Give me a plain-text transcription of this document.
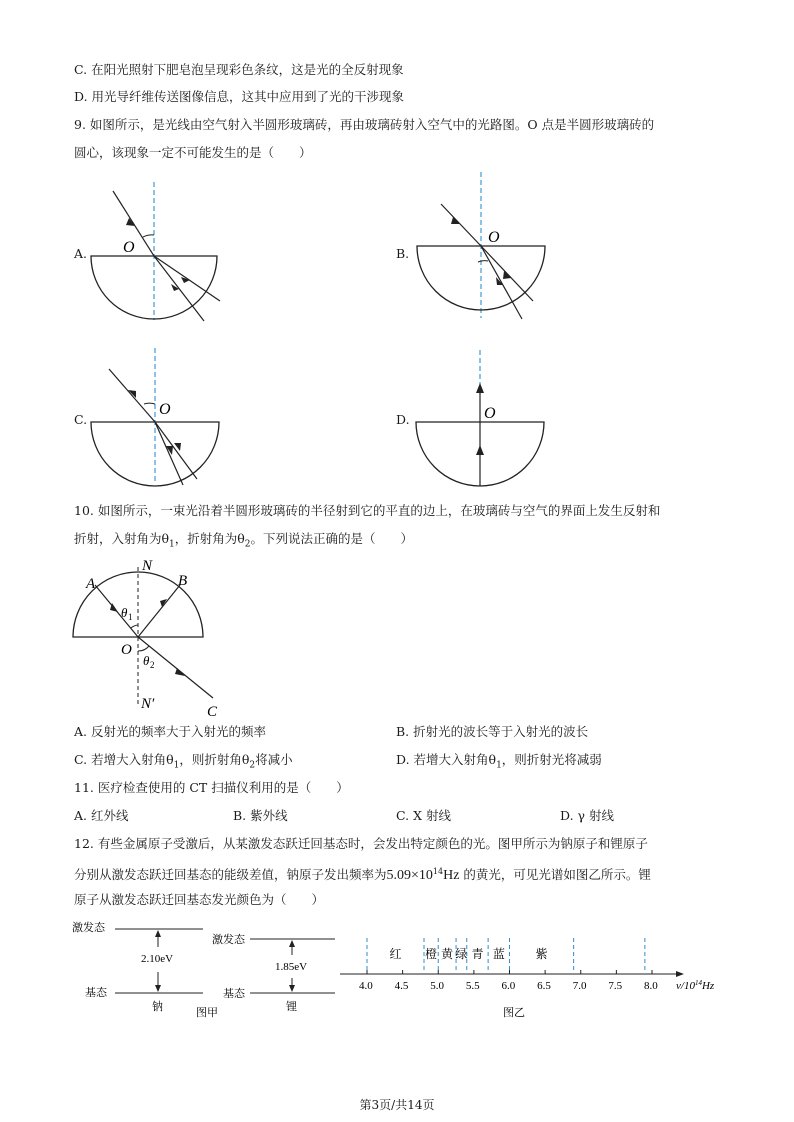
C. 在阳光照射下肥皂泡呈现彩色条纹，这是光的全反射现象
D. 用光导纤维传送图像信息，这其中应用到了光的干涉现象
9. 如图所示，是光线由空气射入半圆形玻璃砖，再由玻璃砖射入空气中的光路图。O 点是半圆形玻璃砖的
圆心，该现象一定不可能发生的是（　　）
A. O	B.
O
C.
O
D.	O
10. 如图所示，一束光沿着半圆形玻璃砖的半径射到它的平直的边上，在玻璃砖与空气的界面上发生反射和
折射，入射角为$\theta_1$，折射角为$\theta_2$。下列说法正确的是（　　）
A
N
B
θ 1
O
θ 2
N′	C
A. 反射光的频率大于入射光的频率	B. 折射光的波长等于入射光的波长
C. 若增大入射角$\theta_1$，则折射角$\theta_2$将减小	D. 若增大入射角$\theta_1$，则折射光将减弱
11. 医疗检查使用的 CT 扫描仪利用的是（　　）
A. 红外线	B. 紫外线	C. X 射线	D. γ 射线
12. 有些金属原子受激后，从某激发态跃迁回基态时，会发出特定颜色的光。图甲所示为钠原子和锂原子
分别从激发态跃迁回基态的能级差值，钠原子发出频率为$5.09\times 10^{14}Hz$ 的黄光，可见光谱如图乙所示。锂
原子从激发态跃迁回基态发光颜色为（　　）
激发态
2.10eV
基态
钠
激发态
1.85eV
基态
锂
图甲
4.0 4.5 5.0 5.5 6.0 6.5 7.0 7.5 8.0
红 橙 黄 绿 青 蓝	紫
$\nu/10^{14}Hz$
图乙
第3页/共14页
